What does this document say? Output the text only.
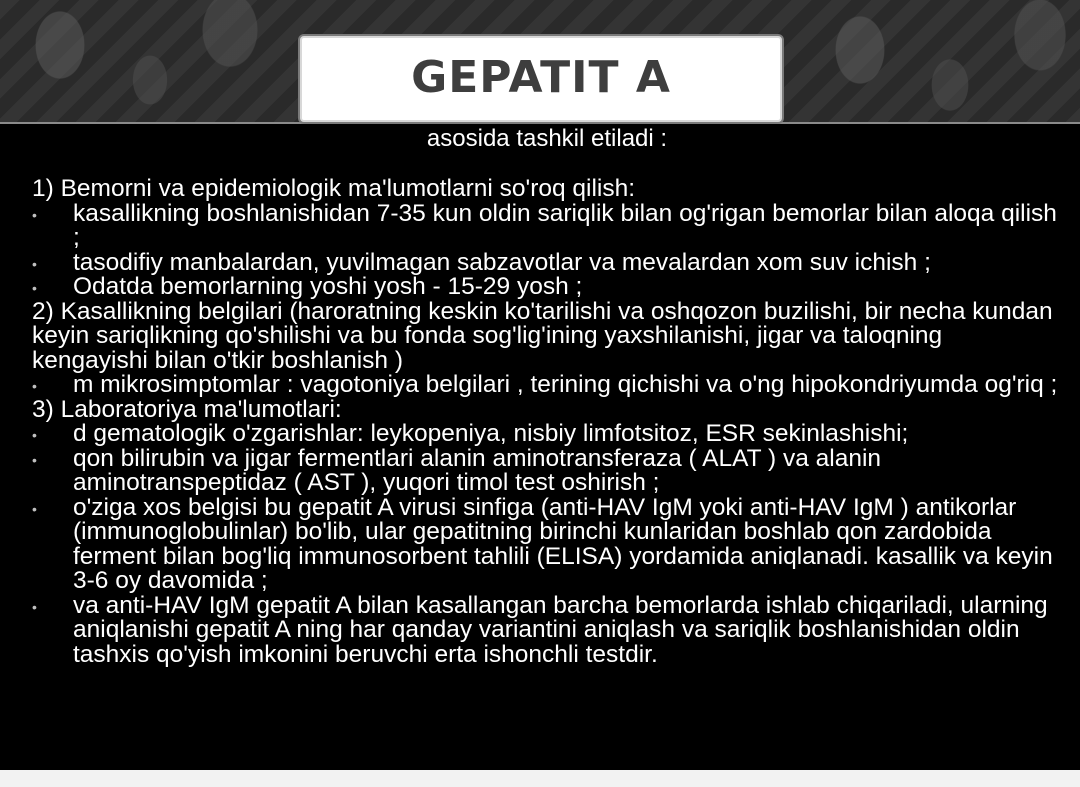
GEPATIT A
asosida tashkil etiladi :
1) Bemorni va epidemiologik ma'lumotlarni so'roq qilish:
• kasallikning boshlanishidan 7-35 kun oldin sariqlik bilan og'rigan bemorlar bilan aloqa qilish ;
• tasodifiy manbalardan, yuvilmagan sabzavotlar va mevalardan xom suv ichish ;
• Odatda bemorlarning yoshi yosh - 15-29 yosh ;
2) Kasallikning belgilari (haroratning keskin ko'tarilishi va oshqozon buzilishi, bir necha kundan keyin sariqlikning qo'shilishi va bu fonda sog'lig'ining yaxshilanishi, jigar va taloqning kengayishi bilan o'tkir boshlanish )
• m mikrosimptomlar : vagotoniya belgilari , terining qichishi va o'ng hipokondriyumda og'riq ;
3) Laboratoriya ma'lumotlari:
• d gematologik o'zgarishlar: leykopeniya, nisbiy limfotsitoz, ESR sekinlashishi;
• qon bilirubin va jigar fermentlari alanin aminotransferaza ( ALAT ) va alanin aminotranspeptidaz ( AST ), yuqori timol test oshirish ;
• o'ziga xos belgisi bu gepatit A virusi sinfiga (anti-HAV IgM yoki anti-HAV IgM ) antikorlar (immunoglobulinlar) bo'lib, ular gepatitning birinchi kunlaridan boshlab qon zardobida ferment bilan bog'liq immunosorbent tahlili (ELISA) yordamida aniqlanadi. kasallik va keyin 3-6 oy davomida ;
• va anti-HAV IgM gepatit A bilan kasallangan barcha bemorlarda ishlab chiqariladi, ularning aniqlanishi gepatit A ning har qanday variantini aniqlash va sariqlik boshlanishidan oldin tashxis qo'yish imkonini beruvchi erta ishonchli testdir.
